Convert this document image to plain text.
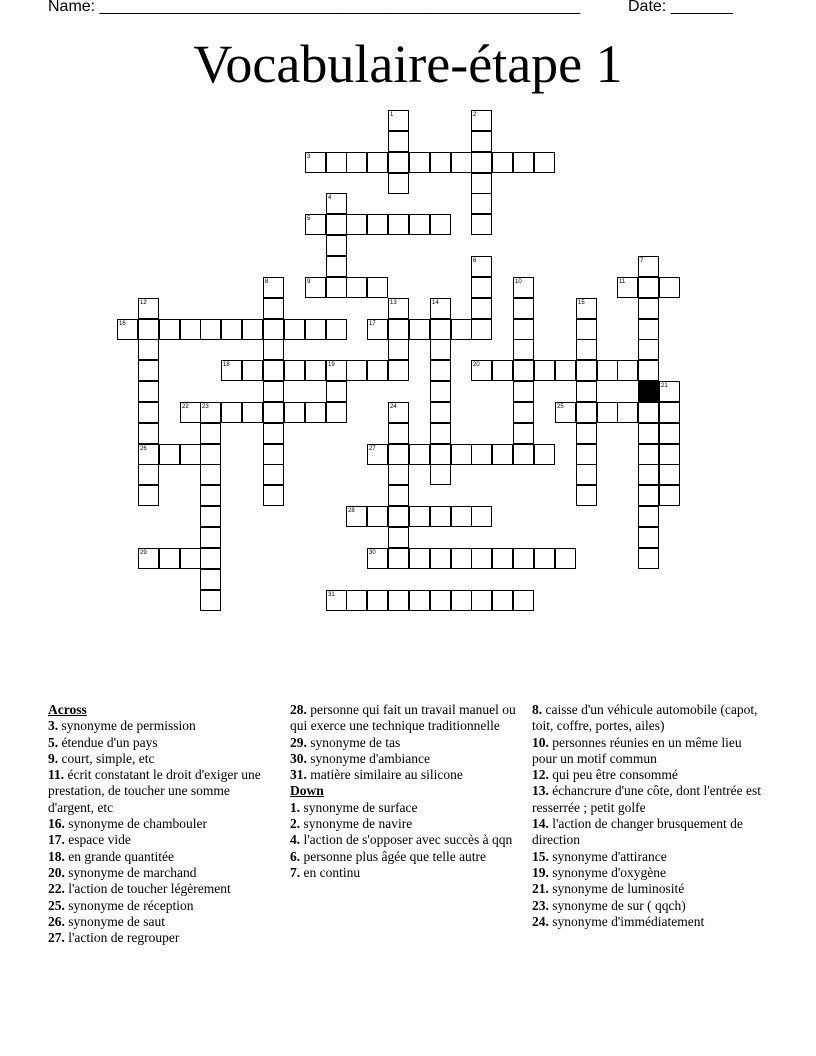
Name: ______________________________________________________	Date: _______
Vocabulaire-étape 1
3
5
9	11
16	17
18	20
22	25
26	27
28
29	30
31
1	2
4
6	7
8	10
12	13	14	15
19
21
23	24
Across
3. synonyme de permission
5. étendue d'un pays
9. court, simple, etc
11. écrit constatant le droit d'exiger une prestation, de toucher une somme d'argent, etc
16. synonyme de chambouler
17. espace vide
18. en grande quantitée
20. synonyme de marchand
22. l'action de toucher légèrement
25. synonyme de réception
26. synonyme de saut
27. l'action de regrouper
28. personne qui fait un travail manuel ou qui exerce une technique traditionnelle
29. synonyme de tas
30. synonyme d'ambiance
31. matière similaire au silicone
Down
1. synonyme de surface
2. synonyme de navire
4. l'action de s'opposer avec succès à qqn
6. personne plus âgée que telle autre
7. en continu
8. caisse d'un véhicule automobile (capot, toit, coffre, portes, ailes)
10. personnes réunies en un même lieu pour un motif commun
12. qui peu être consommé
13. échancrure d'une côte, dont l'entrée est resserrée ; petit golfe
14. l'action de changer brusquement de direction
15. synonyme d'attirance
19. synonyme d'oxygène
21. synonyme de luminosité
23. synonyme de sur ( qqch)
24. synonyme d'immédiatement
